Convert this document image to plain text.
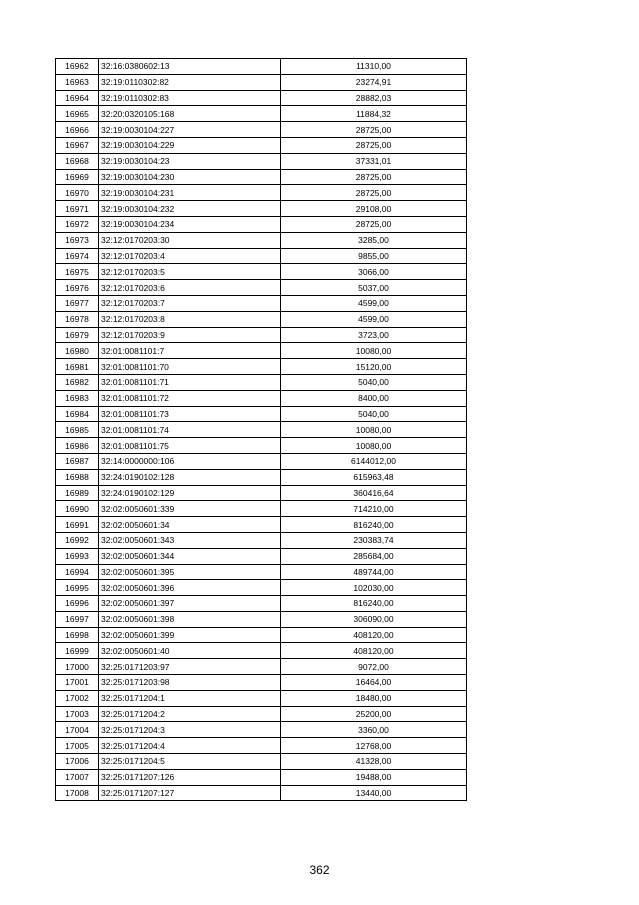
16962	32:16:0380602:13	11310,00
16963	32:19:0110302:82	23274,91
16964	32:19:0110302:83	28882,03
16965	32:20:0320105:168	11884,32
16966	32:19:0030104:227	28725,00
16967	32:19:0030104:229	28725,00
16968	32:19:0030104:23	37331,01
16969	32:19:0030104:230	28725,00
16970	32:19:0030104:231	28725,00
16971	32:19:0030104:232	29108,00
16972	32:19:0030104:234	28725,00
16973	32:12:0170203:30	3285,00
16974	32:12:0170203:4	9855,00
16975	32:12:0170203:5	3066,00
16976	32:12:0170203:6	5037,00
16977	32:12:0170203:7	4599,00
16978	32:12:0170203:8	4599,00
16979	32:12:0170203:9	3723,00
16980	32:01:0081101:7	10080,00
16981	32:01:0081101:70	15120,00
16982	32:01:0081101:71	5040,00
16983	32:01:0081101:72	8400,00
16984	32:01:0081101:73	5040,00
16985	32:01:0081101:74	10080,00
16986	32:01:0081101:75	10080,00
16987	32:14:0000000:106	6144012,00
16988	32:24:0190102:128	615963,48
16989	32:24:0190102:129	360416,64
16990	32:02:0050601:339	714210,00
16991	32:02:0050601:34	816240,00
16992	32:02:0050601:343	230383,74
16993	32:02:0050601:344	285684,00
16994	32:02:0050601:395	489744,00
16995	32:02:0050601:396	102030,00
16996	32:02:0050601:397	816240,00
16997	32:02:0050601:398	306090,00
16998	32:02:0050601:399	408120,00
16999	32:02:0050601:40	408120,00
17000	32:25:0171203:97	9072,00
17001	32:25:0171203:98	16464,00
17002	32:25:0171204:1	18480,00
17003	32:25:0171204:2	25200,00
17004	32:25:0171204:3	3360,00
17005	32:25:0171204:4	12768,00
17006	32:25:0171204:5	41328,00
17007	32:25:0171207:126	19488,00
17008	32:25:0171207:127	13440,00
362
